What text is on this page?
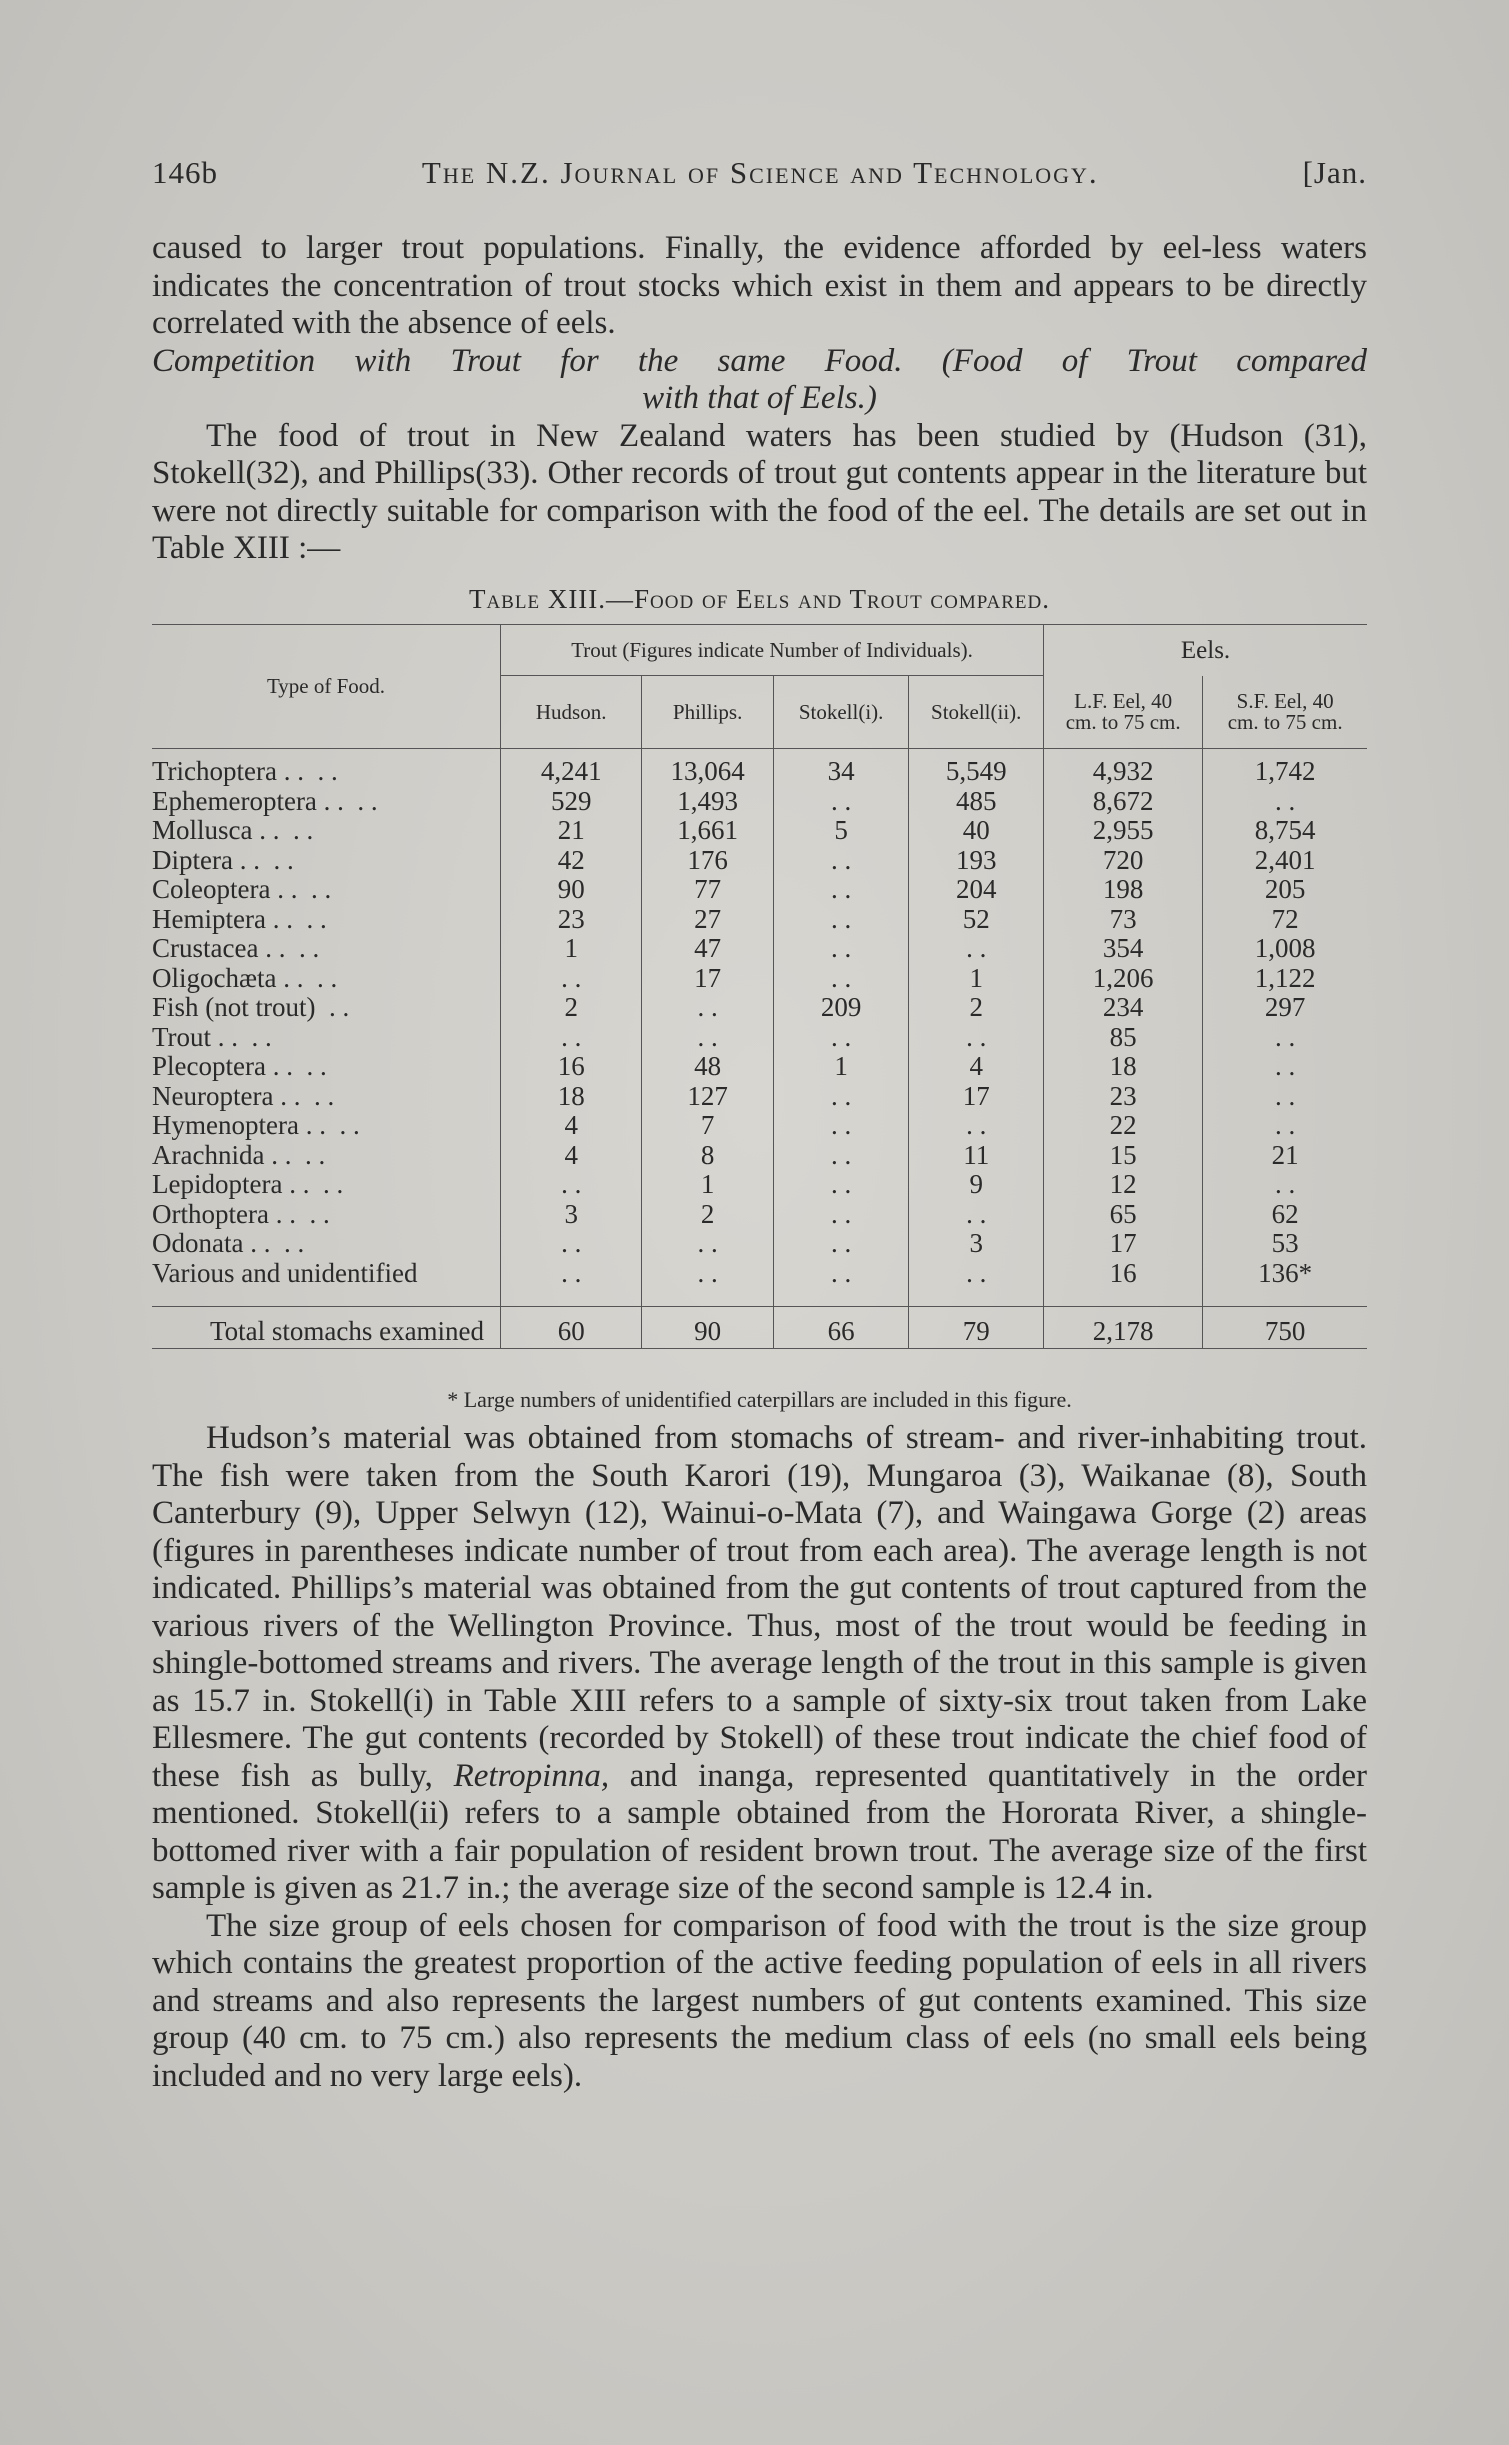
146b	The N.Z. Journal of Science and Technology.	[Jan.

caused to larger trout populations. Finally, the evidence afforded by eel-less waters indicates the concentration of trout stocks which exist in them and appears to be directly correlated with the absence of eels.

Competition with Trout for the same Food. (Food of Trout compared
with that of Eels.)

The food of trout in New Zealand waters has been studied by (Hudson (31), Stokell(32), and Phillips(33). Other records of trout gut contents appear in the literature but were not directly suitable for comparison with the food of the eel. The details are set out in Table XIII :—

Table XIII.—Food of Eels and Trout compared.
Type of Food.	Trout (Figures indicate Number of Individuals).				Eels.	
	Hudson.	Phillips.	Stokell(i).	Stokell(ii).	L.F. Eel, 40 cm. to 75 cm.	S.F. Eel, 40 cm. to 75 cm.
Trichoptera . .  . .	4,241	13,064	34	5,549	4,932	1,742
Ephemeroptera . .  . .	529	1,493	. .	485	8,672	. .
Mollusca . .  . .	21	1,661	5	40	2,955	8,754
Diptera . .  . .	42	176	. .	193	720	2,401
Coleoptera . .  . .	90	77	. .	204	198	205
Hemiptera . .  . .	23	27	. .	52	73	72
Crustacea . .  . .	1	47	. .	. .	354	1,008
Oligochæta . .  . .	. .	17	. .	1	1,206	1,122
Fish (not trout)  . .	2	. .	209	2	234	297
Trout . .  . .	. .	. .	. .	. .	85	. .
Plecoptera . .  . .	16	48	1	4	18	. .
Neuroptera . .  . .	18	127	. .	17	23	. .
Hymenoptera . .  . .	4	7	. .	. .	22	. .
Arachnida . .  . .	4	8	. .	11	15	21
Lepidoptera . .  . .	. .	1	. .	9	12	. .
Orthoptera . .  . .	3	2	. .	. .	65	62
Odonata . .  . .	. .	. .	. .	3	17	53
Various and unidentified	. .	. .	. .	. .	16	136*

Total stomachs examined	60	90	66	79	2,178	750
* Large numbers of unidentified caterpillars are included in this figure.

Hudson’s material was obtained from stomachs of stream- and river-inhabiting trout. The fish were taken from the South Karori (19), Mungaroa (3), Waikanae (8), South Canterbury (9), Upper Selwyn (12), Wainui-o-Mata (7), and Waingawa Gorge (2) areas (figures in parentheses indicate number of trout from each area). The average length is not indicated. Phillips’s material was obtained from the gut contents of trout captured from the various rivers of the Wellington Province. Thus, most of the trout would be feeding in shingle-bottomed streams and rivers. The average length of the trout in this sample is given as 15.7 in. Stokell(i) in Table XIII refers to a sample of sixty-six trout taken from Lake Ellesmere. The gut contents (recorded by Stokell) of these trout indicate the chief food of these fish as bully, Retropinna, and inanga, represented quantitatively in the order mentioned. Stokell(ii) refers to a sample obtained from the Hororata River, a shingle-bottomed river with a fair population of resident brown trout. The average size of the first sample is given as 21.7 in.; the average size of the second sample is 12.4 in.

The size group of eels chosen for comparison of food with the trout is the size group which contains the greatest proportion of the active feeding population of eels in all rivers and streams and also represents the largest numbers of gut contents examined. This size group (40 cm. to 75 cm.) also represents the medium class of eels (no small eels being included and no very large eels).
